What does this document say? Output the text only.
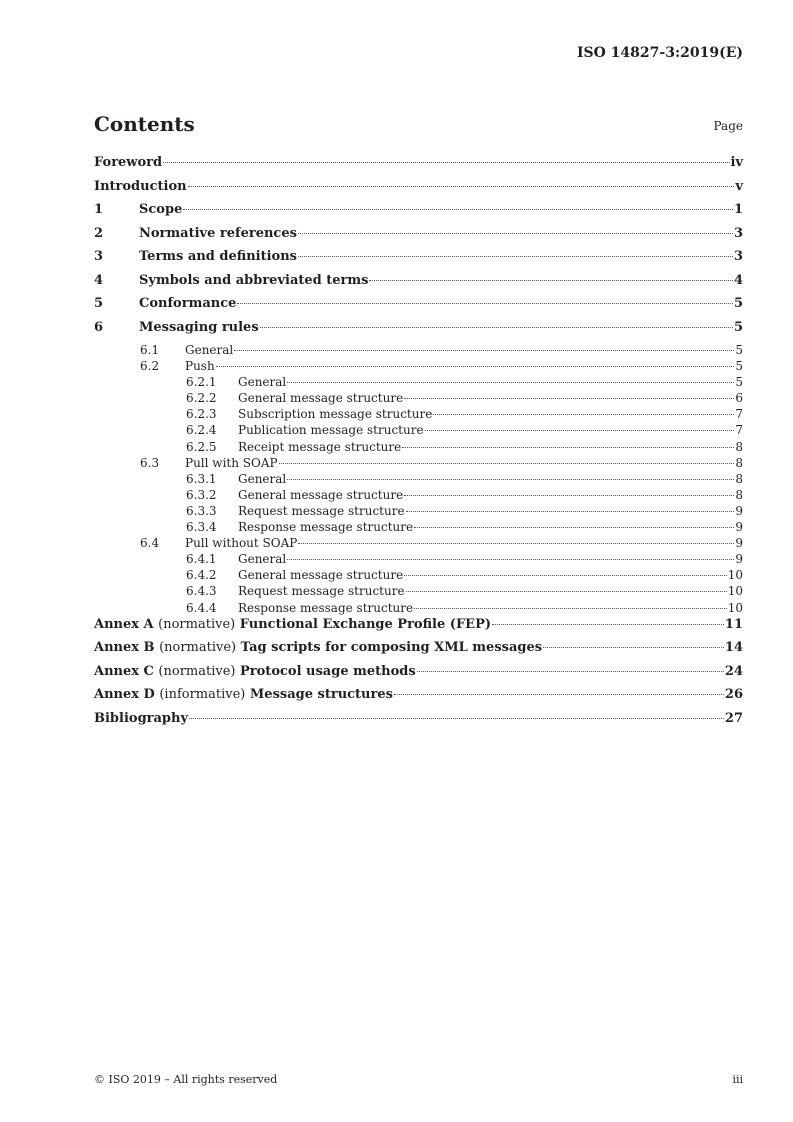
ISO 14827-3:2019(E)
Contents	Page
Foreword	iv
Introduction	v
1	Scope	1
2	Normative references	3
3	Terms and definitions	3
4	Symbols and abbreviated terms	4
5	Conformance	5
6	Messaging rules	5
6.1	General	5
6.2	Push	5
6.2.1	General	5
6.2.2	General message structure	6
6.2.3	Subscription message structure	7
6.2.4	Publication message structure	7
6.2.5	Receipt message structure	8
6.3	Pull with SOAP	8
6.3.1	General	8
6.3.2	General message structure	8
6.3.3	Request message structure	9
6.3.4	Response message structure	9
6.4	Pull without SOAP	9
6.4.1	General	9
6.4.2	General message structure	10
6.4.3	Request message structure	10
6.4.4	Response message structure	10
Annex A (normative) Functional Exchange Profile (FEP)	11
Annex B (normative) Tag scripts for composing XML messages	14
Annex C (normative) Protocol usage methods	24
Annex D (informative) Message structures	26
Bibliography	27
© ISO 2019 – All rights reserved	iii
